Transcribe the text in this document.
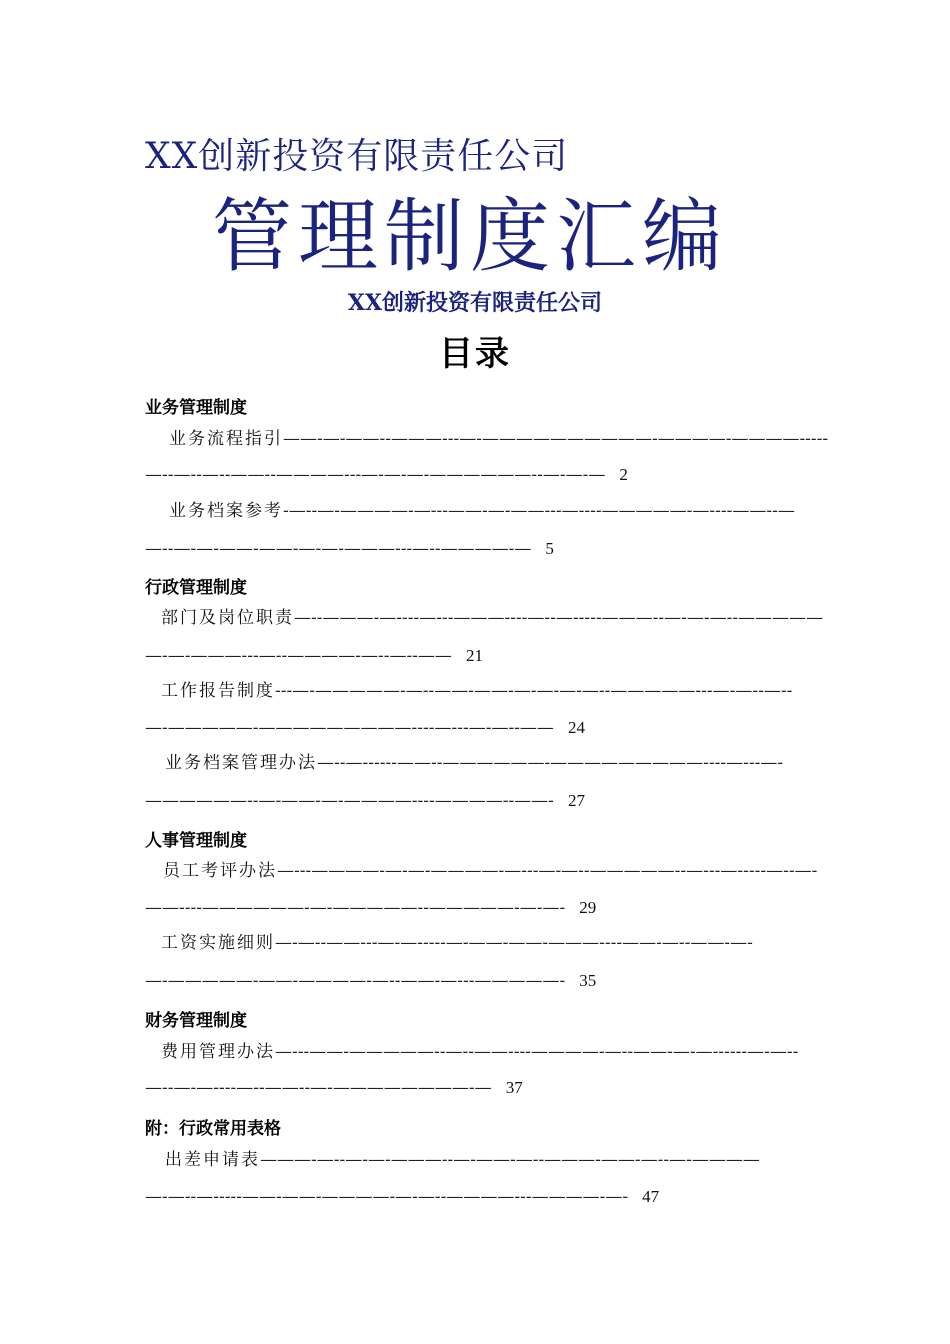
XX创新投资有限责任公司
管理制度汇编
XX创新投资有限责任公司
目录
业务管理制度
业务流程指引——-—-——--———---—-——————————-————-————-----
—--—--—--——--————---—-—-—-——————--—-—-— 2
业务档案参考-—--—-————-—---——-—-——---—----—————-—----——--—
—--—-—-——-——-—-—-———---—--————-— 5
行政管理制度
部门及岗位职责—--———-—----—---———----—--—-----———--—-—-—--—————
—-—-———---—--————-—--—--—— 21
工作报告制度---—-—————-—--——-——-—-—-—-—--—————---—-—--—--
—-—————-—————————----—---—-—--—— 24
业务档案管理办法—--—------——--——————-—————————----—---—-
——————--—-——-—-————----————--——- 27
人事管理制度
员工考评办法—---————-—-—-————-—---—-—--—————--—---—-----—--—-
——----——————-—-—————--—————-—-—- 29
工资实施细则—-—--——---—-—-----—-——-——-———----——-—--——-—-
—-—————-——-————-—--——-—---—————- 35
财务管理制度
费用管理办法—---——-—————--—--——----————-—--——-—-—------—-—--
—--—-—----—--——--—-————————-— 37
附：行政常用表格
出差申请表———-—--—-—-———--—-——-—--———-——-—--—-————
—-—--—-----——-——-————-—-—--————---————-—- 47
